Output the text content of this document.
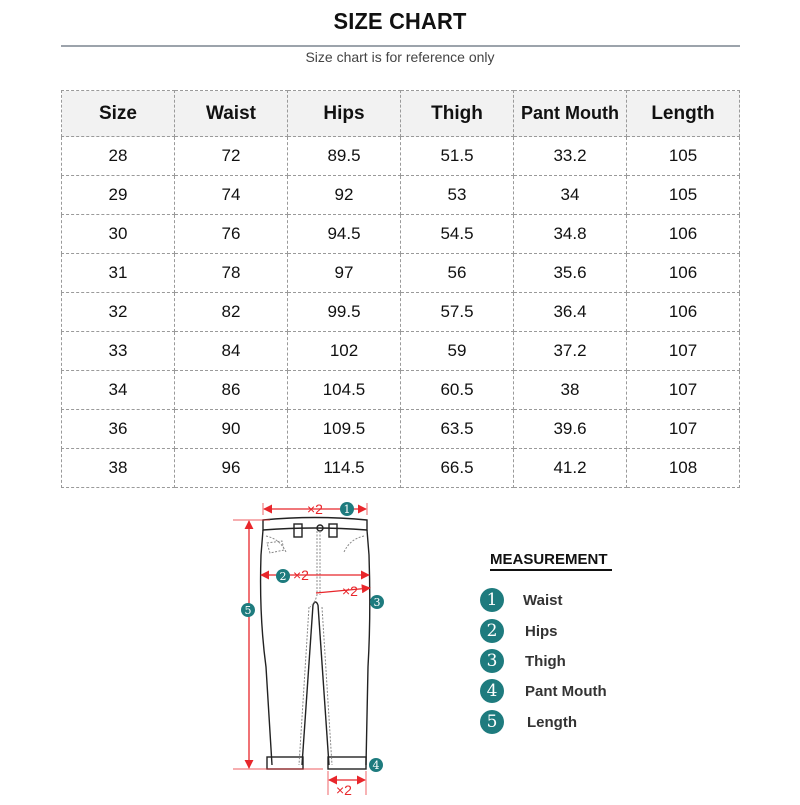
SIZE CHART
Size chart is for reference only
Size	Waist	Hips	Thigh	Pant Mouth	Length
28	72	89.5	51.5	33.2	105
29	74	92	53	34	105
30	76	94.5	54.5	34.8	106
31	78	97	56	35.6	106
32	82	99.5	57.5	36.4	106
33	84	102	59	37.2	107
34	86	104.5	60.5	38	107
36	90	109.5	63.5	39.6	107
38	96	114.5	66.5	41.2	108
×2
×2
×2
×2
1
2
3
4
5
MEASUREMENT
1	Waist
2	Hips
3	Thigh
4	Pant Mouth
5	Length
